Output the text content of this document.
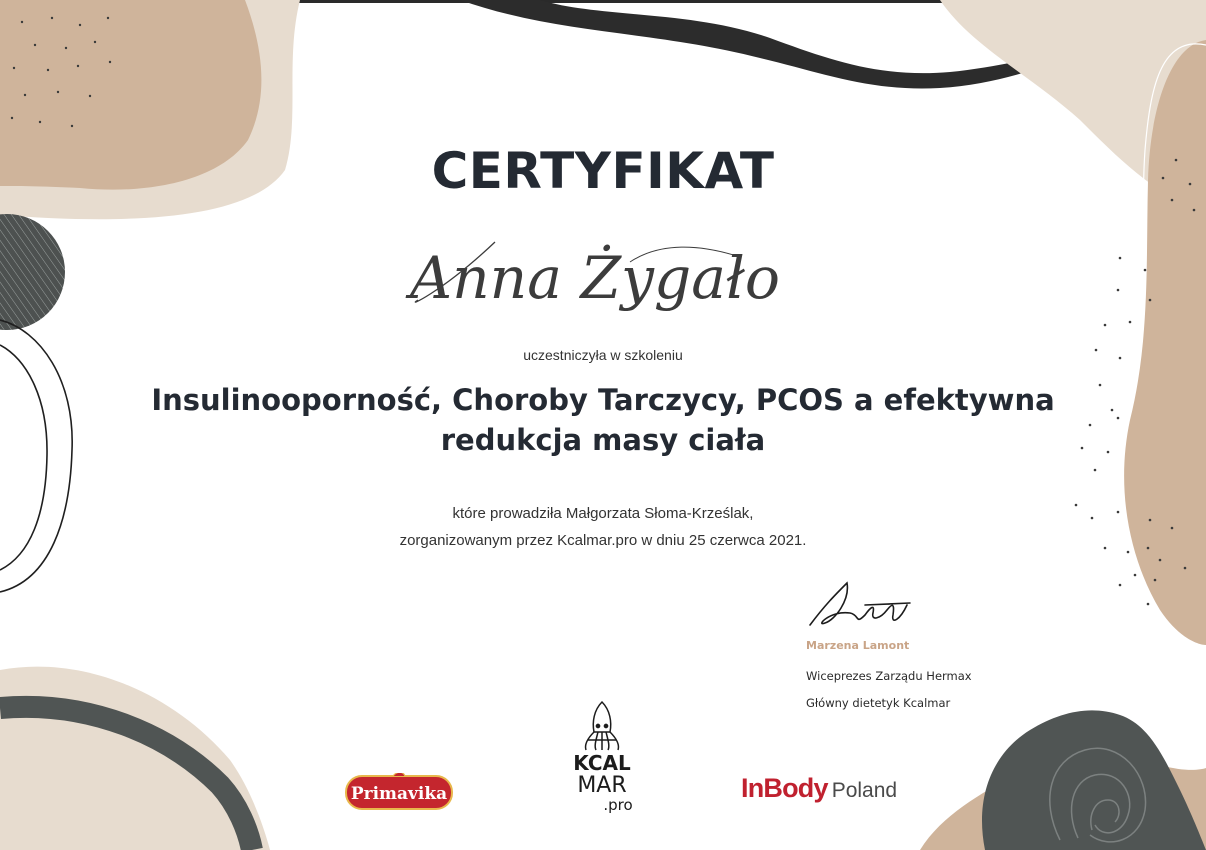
CERTYFIKAT
Anna Żygało
uczestniczyła w szkoleniu
Insulinooporność, Choroby Tarczycy, PCOS a efektywna redukcja masy ciała
które prowadziła Małgorzata Słoma-Krześlak,
zorganizowanym przez Kcalmar.pro w dniu 25 czerwca 2021.
Marzena Lamont
Wiceprezes Zarządu Hermax
Główny dietetyk Kcalmar
Primavika
KCAL
MAR
.pro
InBody Poland
